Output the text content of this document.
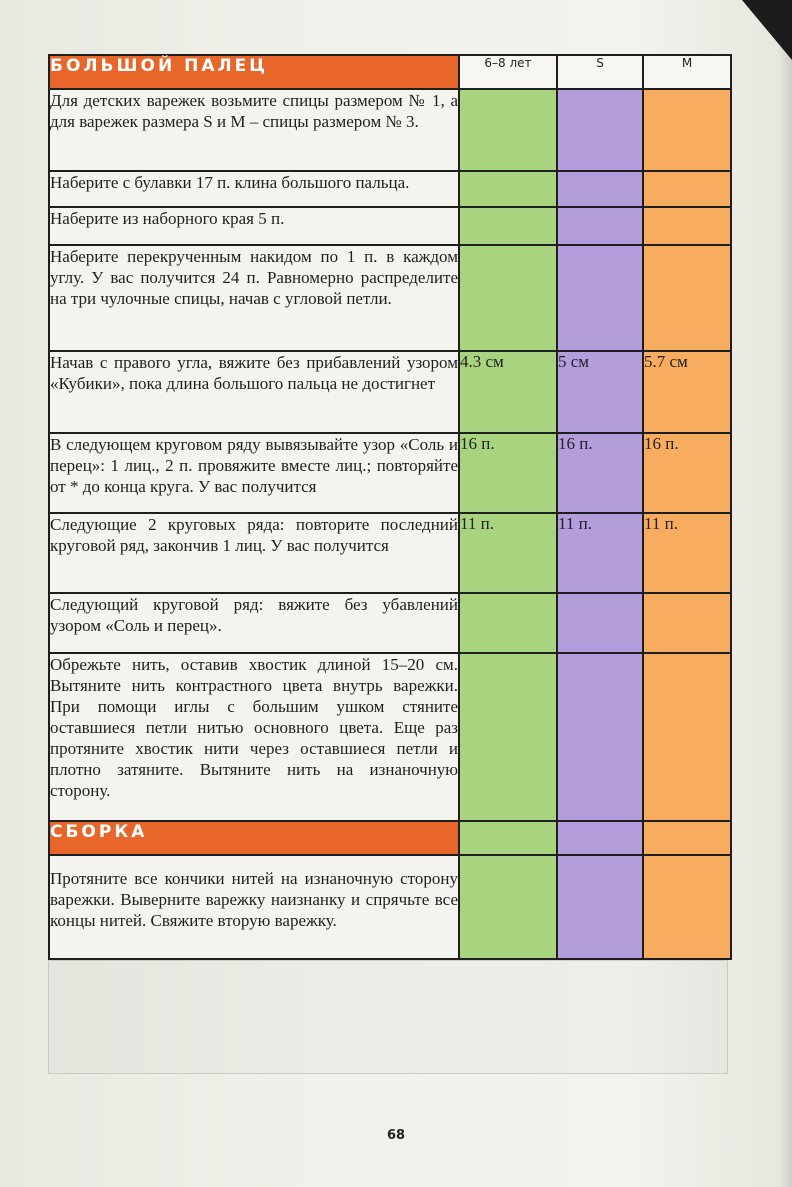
БОЛЬШОЙ ПАЛЕЦ	6–8 лет	S	M
Для детских варежек возьмите спицы размером № 1, а для варежек размера S и M – спицы размером № 3.			
Наберите с булавки 17 п. клина большого пальца.			
Наберите из наборного края 5 п.			
Наберите перекрученным накидом по 1 п. в каждом углу. У вас получится 24 п. Равномерно распределите на три чулочные спицы, начав с угловой петли.			
Начав с правого угла, вяжите без прибавлений узором «Кубики», пока длина большого пальца не достигнет	4.3 см	5 см	5.7 см
В следующем круговом ряду вывязывайте узор «Соль и перец»: 1 лиц., 2 п. провяжите вместе лиц.; повторяйте от * до конца круга. У вас получится	16 п.	16 п.	16 п.
Следующие 2 круговых ряда: повторите последний круговой ряд, закончив 1 лиц. У вас получится	11 п.	11 п.	11 п.
Следующий круговой ряд: вяжите без убавлений узором «Соль и перец».			
Обрежьте нить, оставив хвостик длиной 15–20 см. Вытяните нить контрастного цвета внутрь варежки. При помощи иглы с большим ушком стяните оставшиеся петли нитью основного цвета. Еще раз протяните хвостик нити через оставшиеся петли и плотно затяните. Вытяните нить на изнаночную сторону.			
СБОРКА			
Протяните все кончики нитей на изнаночную сторону варежки. Выверните варежку наизнанку и спрячьте все концы нитей. Свяжите вторую варежку.			
68
